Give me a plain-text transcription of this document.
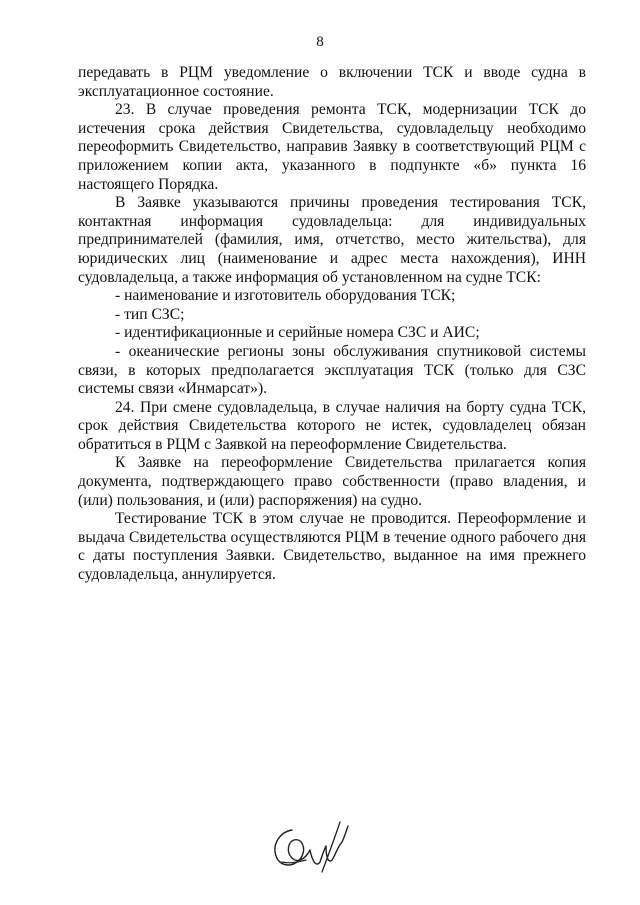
8

передавать в РЦМ уведомление о включении ТСК и вводе судна в эксплуатационное состояние.

23. В случае проведения ремонта ТСК, модернизации ТСК до истечения срока действия Свидетельства, судовладельцу необходимо переоформить Свидетельство, направив Заявку в соответствующий РЦМ с приложением копии акта, указанного в подпункте «б» пункта 16 настоящего Порядка.

В Заявке указываются причины проведения тестирования ТСК, контактная информация судовладельца: для индивидуальных предпринимателей (фамилия, имя, отчетство, место жительства), для юридических лиц (наименование и адрес места нахождения), ИНН судовладельца, а также информация об установленном на судне ТСК:

- наименование и изготовитель оборудования ТСК;
- тип СЗС;
- идентификационные и серийные номера СЗС и АИС;
- океанические регионы зоны обслуживания спутниковой системы связи, в которых предполагается эксплуатация ТСК (только для СЗС системы связи «Инмарсат»).

24. При смене судовладельца, в случае наличия на борту судна ТСК, срок действия Свидетельства которого не истек, судовладелец обязан обратиться в РЦМ с Заявкой на переоформление Свидетельства.

К Заявке на переоформление Свидетельства прилагается копия документа, подтверждающего право собственности (право владения, и (или) пользования, и (или) распоряжения) на судно.

Тестирование ТСК в этом случае не проводится. Переоформление и выдача Свидетельства осуществляются РЦМ в течение одного рабочего дня с даты поступления Заявки. Свидетельство, выданное на имя прежнего судовладельца, аннулируется.
